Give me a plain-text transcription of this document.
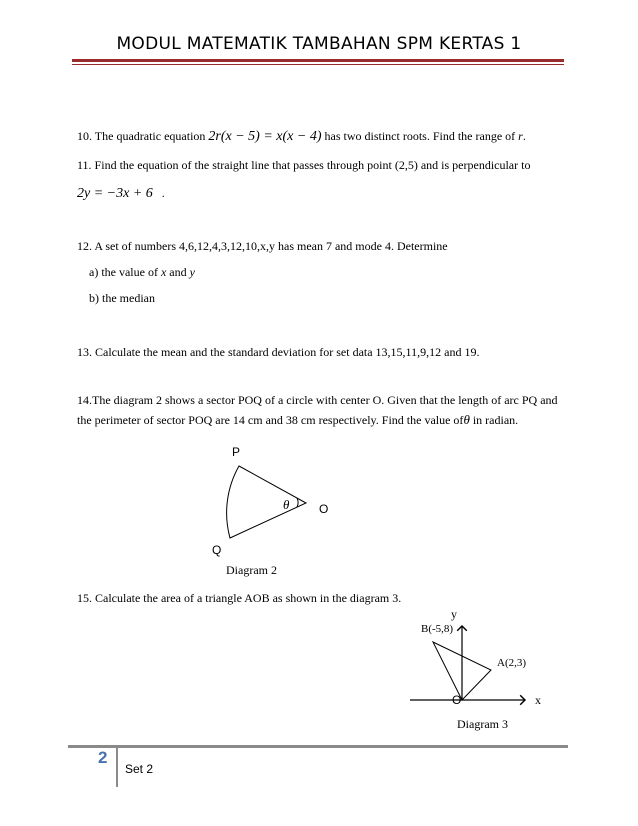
MODUL MATEMATIK TAMBAHAN SPM KERTAS 1
10. The quadratic equation 2r(x − 5) = x(x − 4) has two distinct roots. Find the range of r.
11. Find the equation of the straight line that passes through point (2,5) and is perpendicular to
2y = −3x + 6 .
12. A set of numbers 4,6,12,4,3,12,10,x,y has mean 7 and mode 4. Determine
a) the value of x and y
b) the median
13. Calculate the mean and the standard deviation for set data 13,15,11,9,12 and 19.
14.The diagram 2 shows a sector POQ of a circle with center O. Given that the length of arc PQ and the perimeter of sector POQ are 14 cm and 38 cm respectively. Find the value ofθ in radian.
P
θ O
Q
Diagram 2
15. Calculate the area of a triangle AOB as shown in the diagram 3.
y
B(-5,8)
A(2,3)
O	x
Diagram 3
2
Set 2
